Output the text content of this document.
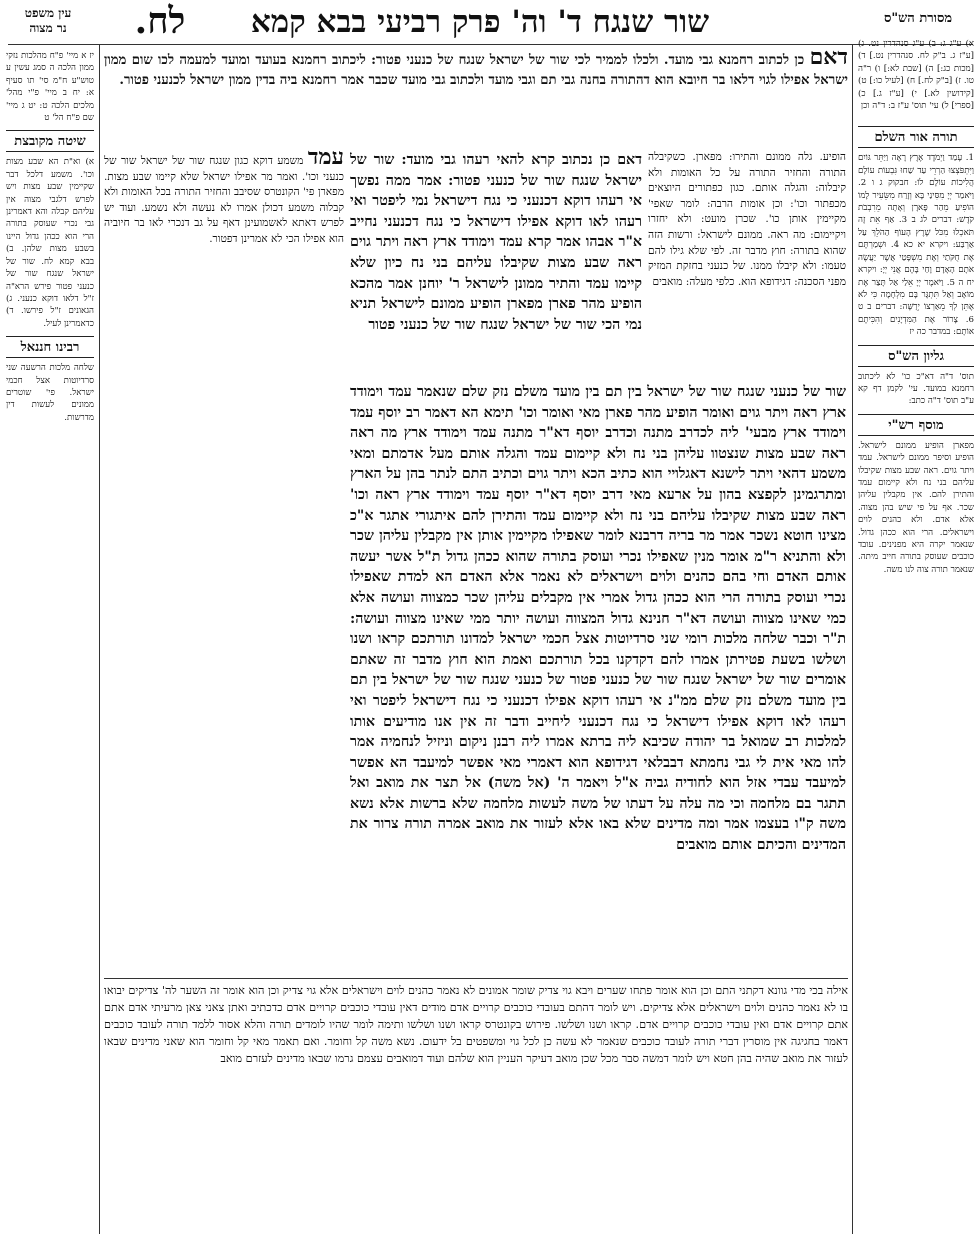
עין משפט
נר מצוה	שור שנגח ד' וה' פרק רביעי בבא קמא
לח.	מסורת הש"ס
יז א מיי' פ"ח מהלכות נזקי ממון הלכה ה סמג עשין ע טוש"ע ח"מ סי' תו סעיף א: יח ב מיי' פ"י מהל' מלכים הלכה ט: יט ג מיי' שם פ"ח הל' ט
שיטה מקובצת
א) וא"ת הא שבע מצות וכו'. משמע דלכל דבר שקיימין שבע מצות ויש לפרש דלגבי מצוה אין עליהם קבלה והא דאמרינן גבי נכרי שעוסק בתורה הרי הוא ככהן גדול היינו בשבע מצות שלהן. ב) בבא קמא לח. שור של ישראל שנגח שור של כנעני פטור פירש הרא"ה ז"ל דלאו דוקא כנעני. ג) הגאונים ז"ל פירשו. ד) כדאמרינן לעיל.
רבינו חננאל
שלחה מלכות הרשעה שני סרדיוטות אצל חכמי ישראל. פי' שוטרים ממונים לעשות דין מדרשות.
א) ע"ג ג: ב) ע"ג סנהדרין נט. ג) [ע"ז ג. ב"ק לח. סנהדרין נט.] ד) [מכות כג:] ה) [שבת לא:] ו) ר"ה טו. ז) [ב"ק לח.] ח) [לעיל כו:] ט) [קידושין לא.] י) [ע"ז ג.] כ) [ספרי] ל) עי' תוס' ע"ז ב: ד"ה וכן
תורה אור השלם
1. עָמַד וַיְמֹדֶד אֶרֶץ רָאָה וַיַּתֵּר גּוֹיִם וַיִּתְפֹּצְצוּ הַרְרֵי עַד שַׁחוּ גִּבְעוֹת עוֹלָם הֲלִיכוֹת עוֹלָם לוֹ: חבקוק ג ו 2. וַיֹּאמַר יְיָ מִסִּינַי בָּא וְזָרַח מִשֵּׂעִיר לָמוֹ הוֹפִיעַ מֵהַר פָּארָן וְאָתָה מֵרִבְבֹת קֹדֶשׁ: דברים לג ב 3. אַף אֵת זֶה תֹּאכְלוּ מִכֹּל שֶׁרֶץ הָעוֹף הַהֹלֵךְ עַל אַרְבַּע: ויקרא יא כא 4. וּשְׁמַרְתֶּם אֶת חֻקֹּתַי וְאֶת מִשְׁפָּטַי אֲשֶׁר יַעֲשֶׂה אֹתָם הָאָדָם וָחַי בָּהֶם אֲנִי יְיָ: ויקרא יח ה 5. וַיֹּאמֶר יְיָ אֵלַי אַל תָּצַר אֶת מוֹאָב וְאַל תִּתְגָּר בָּם מִלְחָמָה כִּי לֹא אֶתֵּן לְךָ מֵאַרְצוֹ יְרֻשָּׁה: דברים ב ט 6. צָרוֹר אֶת הַמִּדְיָנִים וְהִכִּיתֶם אוֹתָם: במדבר כה יז
גליון הש"ס
תוס' ד"ה דא"כ כו' לא ליכתוב רחמנא במועד. עי' לקמן דף קא ע"ב תוס' ד"ה כתב:
מוסף רש"י
מפארן הופיע ממונם לישראל. הופיע וסיפר ממונם לישראל. עמד ויתר גוים. ראה שבע מצות שקיבלו עליהם בני נח ולא קיימום עמד והתירן להם. אין מקבלין עליהן שכר. אף על פי שיש בהן מצוה. אלא אדם. ולא כהנים לוים וישראלים. הרי הוא ככהן גדול. שנאמר יקרה היא מפנינים. עובד כוכבים שעוסק בתורה חייב מיתה. שנאמר תורה צוה לנו משה.
דאם כן לכתוב רחמנא גבי מועד. ולכלו לממיר לכי שור של ישראל שנגח של כנעני פטור: ליכתוב רחמנא בעועד ומועד למעמה לכו שום ממון ישראל אפילו לגוי דלאו בר חיובא הוא דהתורה בחנה גבי תם וגבי מועד ולכתוב גבי מועד שכבר אמר רחמנא ביה בדין ממון ישראל לכנעני פטור.
הופיע. גלה ממונם והתירו: מפארן. כשקיבלה התורה והחזיר התורה על כל האומות ולא קיבלוה: והגלה אותם. כגון כפתורים היוצאים מכפתור וכו': וכן אומות הרבה: לומר שאפי' מקיימין אותן כו'. שכרן מועט: ולא יחזרו ויקיימום: מה ראה. ממונם לישראל: ורשות הזה שהוא בתורה: חוץ מדבר זה. לפי שלא גילו להם טעמו: ולא קיבלו ממנו. של כנעני בחזקת המזיק מפני הסכנה: דגידופא הוא. כלפי מעלה: מואבים
דאם כן נכתוב קרא להאי רעהו גבי מועד: שור של ישראל שנגח שור של כנעני פטור: אמר ממה נפשך אי רעהו דוקא דכנעני כי נגח דישראל נמי ליפטר ואי רעהו לאו דוקא אפילו דישראל כי נגח דכנעני נחייב א"ר אבהו אמר קרא עמד וימודד ארץ ראה ויתר גוים ראה שבע מצות שקיבלו עליהם בני נח כיון שלא קיימו עמד והתיר ממונן לישראל ר' יוחנן אמר מהכא הופיע מהר פארן מפארן הופיע ממונם לישראל תניא נמי הכי שור של ישראל שנגח שור של כנעני פטור
עמד משמע דוקא כגון שנגח שור של ישראל שור של כנעני וכו'. ואמר מר אפילו ישראל שלא קיימו שבע מצות. מפארן פי' הקונטרס שסיבב והחזיר התורה בכל האומות ולא קבלוה משמע דכולן אמרו לא נעשה ולא נשמע. ועוד יש לפרש דאתא לאשמועינן דאף על גב דנכרי לאו בר חיוביה הוא אפילו הכי לא אמרינן דפטור.
שור של כנעני שנגח שור של ישראל בין תם בין מועד משלם נזק שלם שנאמר עמד וימודד ארץ ראה ויתר גוים ואומר הופיע מהר פארן מאי ואומר וכו' תימא הא דאמר רב יוסף עמד וימודד ארץ מבעי' ליה לכדרב מתנה וכדרב יוסף דא"ר מתנה עמד וימודד ארץ מה ראה ראה שבע מצות שנצטוו עליהן בני נח ולא קיימום עמד והגלה אותם מעל אדמתם ומאי משמע דהאי ויתר לישנא דאגלויי הוא כתיב הכא ויתר גוים וכתיב התם לנתר בהן על הארץ ומתרגמינן לקפצא בהון על ארעא מאי דרב יוסף דא"ר יוסף עמד וימודד ארץ ראה וכו' ראה שבע מצות שקיבלו עליהם בני נח ולא קיימום עמד והתירן להם איתגורי אתגר א"כ מצינו חוטא נשכר אמר מר בריה דרבנא לומר שאפילו מקיימין אותן אין מקבלין עליהן שכר ולא והתניא ר"מ אומר מנין שאפילו נכרי ועוסק בתורה שהוא ככהן גדול ת"ל אשר יעשה אותם האדם וחי בהם כהנים ולוים וישראלים לא נאמר אלא האדם הא למדת שאפילו נכרי ועוסק בתורה הרי הוא ככהן גדול אמרי אין מקבלים עליהן שכר כמצווה ועושה אלא כמי שאינו מצווה ועושה דא"ר חנינא גדול המצווה ועושה יותר ממי שאינו מצווה ועושה: ת"ר וכבר שלחה מלכות רומי שני סרדיוטות אצל חכמי ישראל למדונו תורתכם קראו ושנו ושלשו בשעת פטירתן אמרו להם דקדקנו בכל תורתכם ואמת הוא חוץ מדבר זה שאתם אומרים שור של ישראל שנגח שור של כנעני פטור של כנעני שנגח שור של ישראל בין תם בין מועד משלם נזק שלם ממ"נ אי רעהו דוקא אפילו דכנעני כי נגח דישראל ליפטר ואי רעהו לאו דוקא אפילו דישראל כי נגח דכנעני ליחייב ודבר זה אין אנו מודיעים אותו למלכות רב שמואל בר יהודה שכיבא ליה ברתא אמרו ליה רבנן ניקום וניזיל לנחמיה אמר להו מאי אית לי גבי נחמתא דבבלאי דגידופא הוא דאמרי מאי אפשר למיעבד הא אפשר למיעבד עבדי אזל הוא לחודיה גביה א"ל ויאמר ה' (אל משה) אל תצר את מואב ואל תתגר בם מלחמה וכי מה עלה על דעתו של משה לעשות מלחמה שלא ברשות אלא נשא משה ק"ו בעצמו אמר ומה מדינים שלא באו אלא לעזור את מואב אמרה תורה צרור את המדינים והכיתם אותם מואבים
אילה בכי מדי גוונא דקתני התם וכן הוא אומר פתחו שערים ויבא גוי צדיק שומר אמונים לא נאמר כהנים לוים וישראלים אלא גוי צדיק וכן הוא אומר זה השער לה' צדיקים יבואו בו לא נאמר כהנים ולוים וישראלים אלא צדיקים. ויש לומר דהתם בעובדי כוכבים קרויים אדם מודים דאין עובדי כוכבים קרויים אדם כדכתיב ואתן צאני צאן מרעיתי אדם אתם אתם קרויים אדם ואין עובדי כוכבים קרויים אדם. קראו ושנו ושלשו. פירוש בקונטרס קראו ושנו ושלשו ותימה לומר שהיו לומדים תורה והלא אסור ללמד תורה לעובד כוכבים דאמר בחגיגה אין מוסרין דברי תורה לעובד כוכבים שנאמר לא עשה כן לכל גוי ומשפטים בל ידעום. נשא משה קל וחומר. ואם תאמר מאי קל וחומר הוא שאני מדינים שבאו לעזור את מואב שהיה בהן חטא ויש לומר דמשה סבר מכל שכן מואב דעיקר העניין הוא שלהם ועוד דמואבים עצמם גרמו שבאו מדינים לעזרם מואב
